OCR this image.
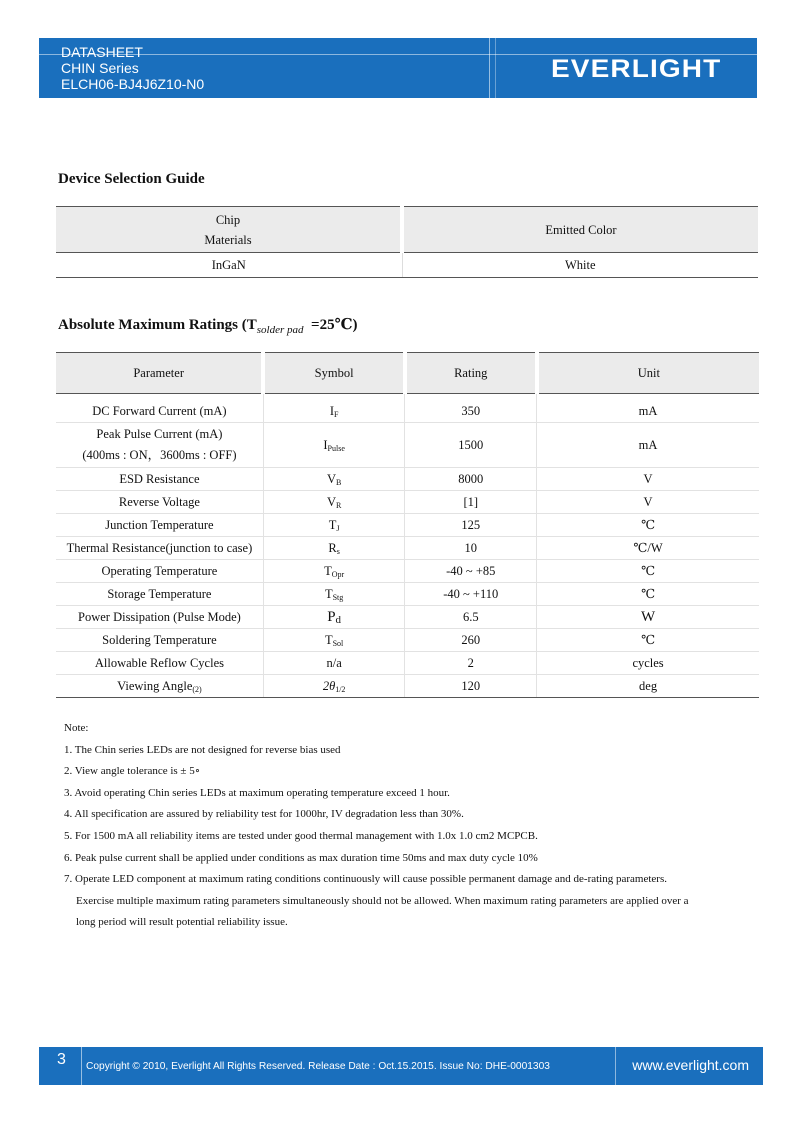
DATASHEET
CHIN Series
ELCH06-BJ4J6Z10-N0
EVERLIGHT
Device Selection Guide
Chip
Materials	Emitted Color
InGaN	White
Absolute Maximum Ratings ($T_{solder pad}$ =25℃)
Parameter	Symbol	Rating	Unit
DC Forward Current (mA)	$I_F$	350	mA

Peak Pulse Current (mA)
(400ms : ON，3600ms : OFF)	$I_{Pulse}$	1500	mA
ESD Resistance	$V_B$	8000	V
Reverse Voltage	$V_R$	[1]	V
Junction Temperature	$T_J$	125	℃
Thermal Resistance(junction to case)	$R_s$	10	℃/W
Operating Temperature	$T_{Opr}$	-40 ~ +85	℃
Storage Temperature	$T_{Stg}$	-40 ~ +110	℃
Power Dissipation (Pulse Mode)	$P_d$	6.5	W
Soldering Temperature	$T_{Sol}$	260	℃
Allowable Reflow Cycles	n/a	2	cycles
Viewing Angle$_{(2)}$	$2\theta_{1/2}$	120	deg
Note:
1. The Chin series LEDs are not designed for reverse bias used
2. View angle tolerance is ± 5∘
3. Avoid operating Chin series LEDs at maximum operating temperature exceed 1 hour.
4. All specification are assured by reliability test for 1000hr, IV degradation less than 30%.
5. For 1500 mA all reliability items are tested under good thermal management with 1.0x 1.0 cm2 MCPCB.
6. Peak pulse current shall be applied under conditions as max duration time 50ms and max duty cycle 10%
7. Operate LED component at maximum rating conditions continuously will cause possible permanent damage and de-rating parameters.
Exercise multiple maximum rating parameters simultaneously should not be allowed. When maximum rating parameters are applied over a
long period will result potential reliability issue.
3 Copyright © 2010, Everlight All Rights Reserved. Release Date : Oct.15.2015. Issue No: DHE-0001303	www.everlight.com
